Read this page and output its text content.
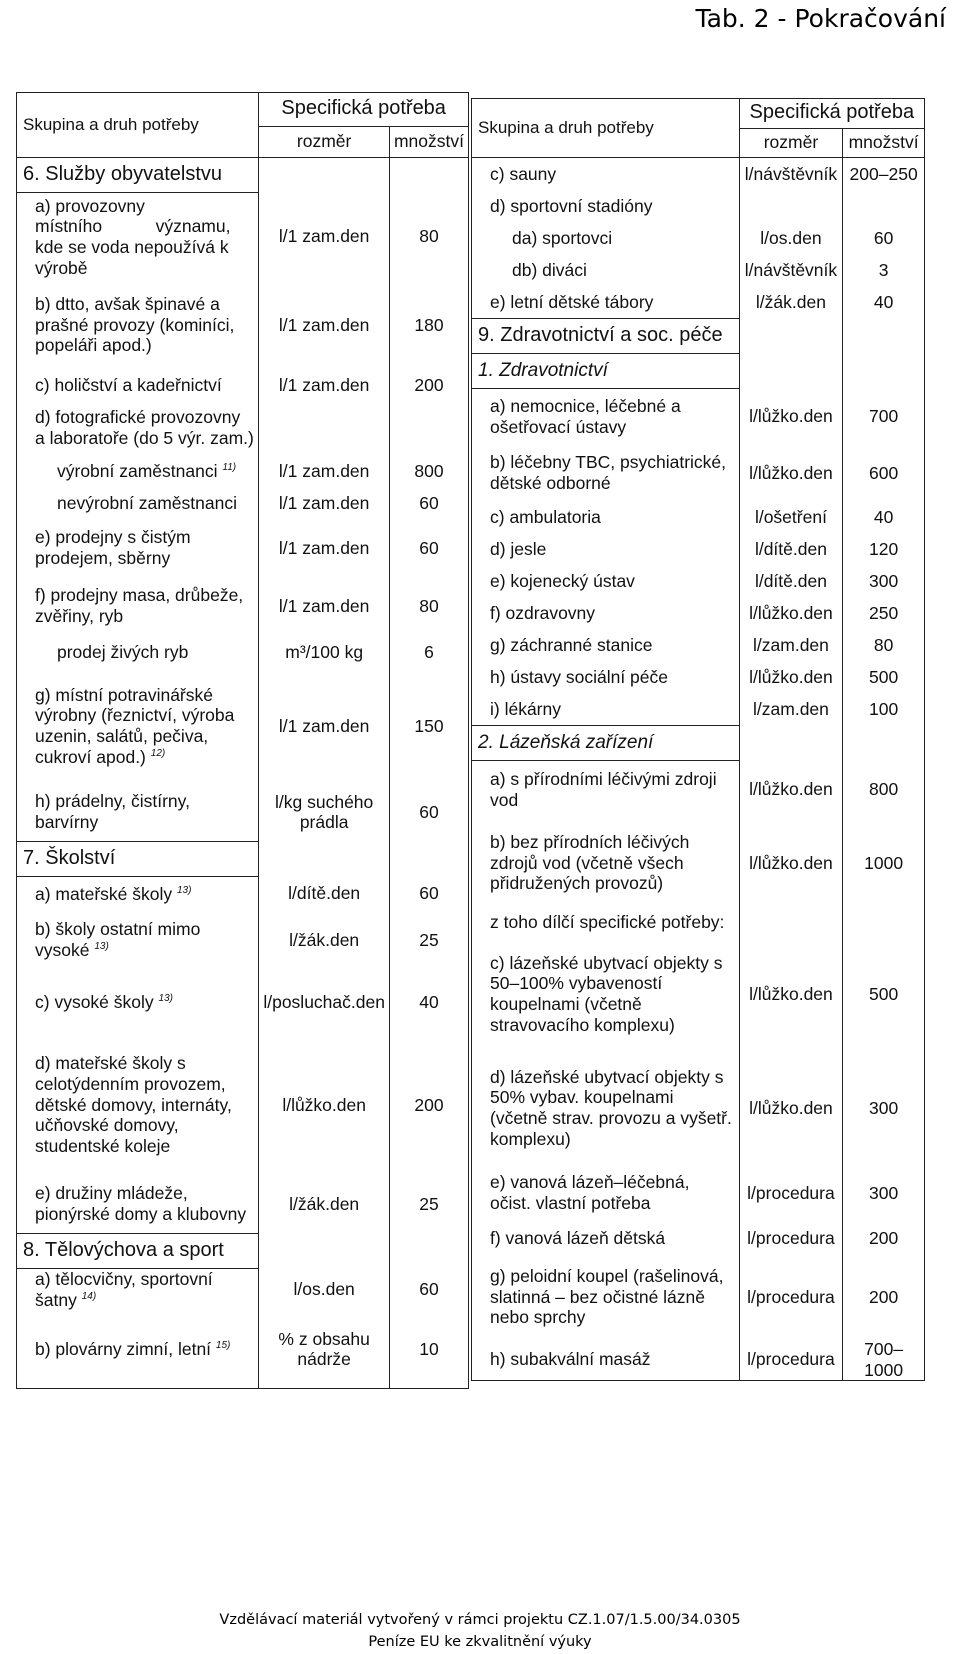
Tab. 2 - Pokračování
Skupina a druh potřeby	Specifická potřeba	
	rozměr	množství
6. Služby obyvatelstvu		
a) provozovny místního           významu, kde se voda nepoužívá k výrobě	l/1 zam.den	80
b) dtto, avšak špinavé a prašné provozy (kominíci, popeláři apod.)	l/1 zam.den	180
c) holičství a kadeřnictví	l/1 zam.den	200
d) fotografické provozovny a laboratoře (do 5 výr. zam.)		
výrobní zaměstnanci $^{11)}$	l/1 zam.den	800
nevýrobní zaměstnanci	l/1 zam.den	60
e) prodejny s čistým prodejem, sběrny	l/1 zam.den	60
f) prodejny masa, drůbeže, zvěřiny, ryb	l/1 zam.den	80
prodej živých ryb	m³/100 kg	6
g) místní potravinářské výrobny (řeznictví, výroba uzenin, salátů, pečiva, cukroví apod.) $^{12)}$	l/1 zam.den	150
h) prádelny, čistírny, barvírny	l/kg suchého prádla	60
7. Školství		
a) mateřské školy $^{13)}$	l/dítě.den	60
b) školy ostatní mimo vysoké $^{13)}$	l/žák.den	25
c) vysoké školy $^{13)}$	l/posluchač.den	40
d) mateřské školy s celotýdenním provozem, dětské domovy, internáty, učňovské domovy, studentské koleje	l/lůžko.den	200
e) družiny mládeže, pionýrské domy a klubovny	l/žák.den	25
8. Tělovýchova a sport		
a) tělocvičny, sportovní šatny $^{14)}$	l/os.den	60
b) plovárny zimní, letní $^{15)}$	% z obsahu nádrže	10
Skupina a druh potřeby	Specifická potřeba	
	rozměr	množství
c) sauny	l/návštěvník	200–250
d) sportovní stadióny		
da) sportovci	l/os.den	60
db) diváci	l/návštěvník	3
e) letní dětské tábory	l/žák.den	40
9. Zdravotnictví a soc. péče		
1. Zdravotnictví		
a) nemocnice, léčebné a ošetřovací ústavy	l/lůžko.den	700
b) léčebny TBC, psychiatrické, dětské odborné	l/lůžko.den	600
c) ambulatoria	l/ošetření	40
d) jesle	l/dítě.den	120
e) kojenecký ústav	l/dítě.den	300
f) ozdravovny	l/lůžko.den	250
g) záchranné stanice	l/zam.den	80
h) ústavy sociální péče	l/lůžko.den	500
i) lékárny	l/zam.den	100
2. Lázeňská zařízení		
a) s přírodními léčivými zdroji vod	l/lůžko.den	800
b) bez přírodních léčivých zdrojů vod (včetně všech přidružených provozů)	l/lůžko.den	1000
z toho dílčí specifické potřeby:		
c) lázeňské ubytvací objekty s 50–100% vybaveností koupelnami (včetně stravovacího komplexu)	l/lůžko.den	500
d) lázeňské ubytvací objekty s 50% vybav. koupelnami (včetně strav. provozu a vyšetř. komplexu)	l/lůžko.den	300
e) vanová lázeň–léčebná, očist. vlastní potřeba	l/procedura	300
f) vanová lázeň dětská	l/procedura	200
g) peloidní koupel (rašelinová, slatinná – bez očistné lázně nebo sprchy	l/procedura	200
h) subakvální masáž	l/procedura	700–1000
Vzdělávací materiál vytvořený v rámci projektu CZ.1.07/1.5.00/34.0305
Peníze EU ke zkvalitnění výuky
